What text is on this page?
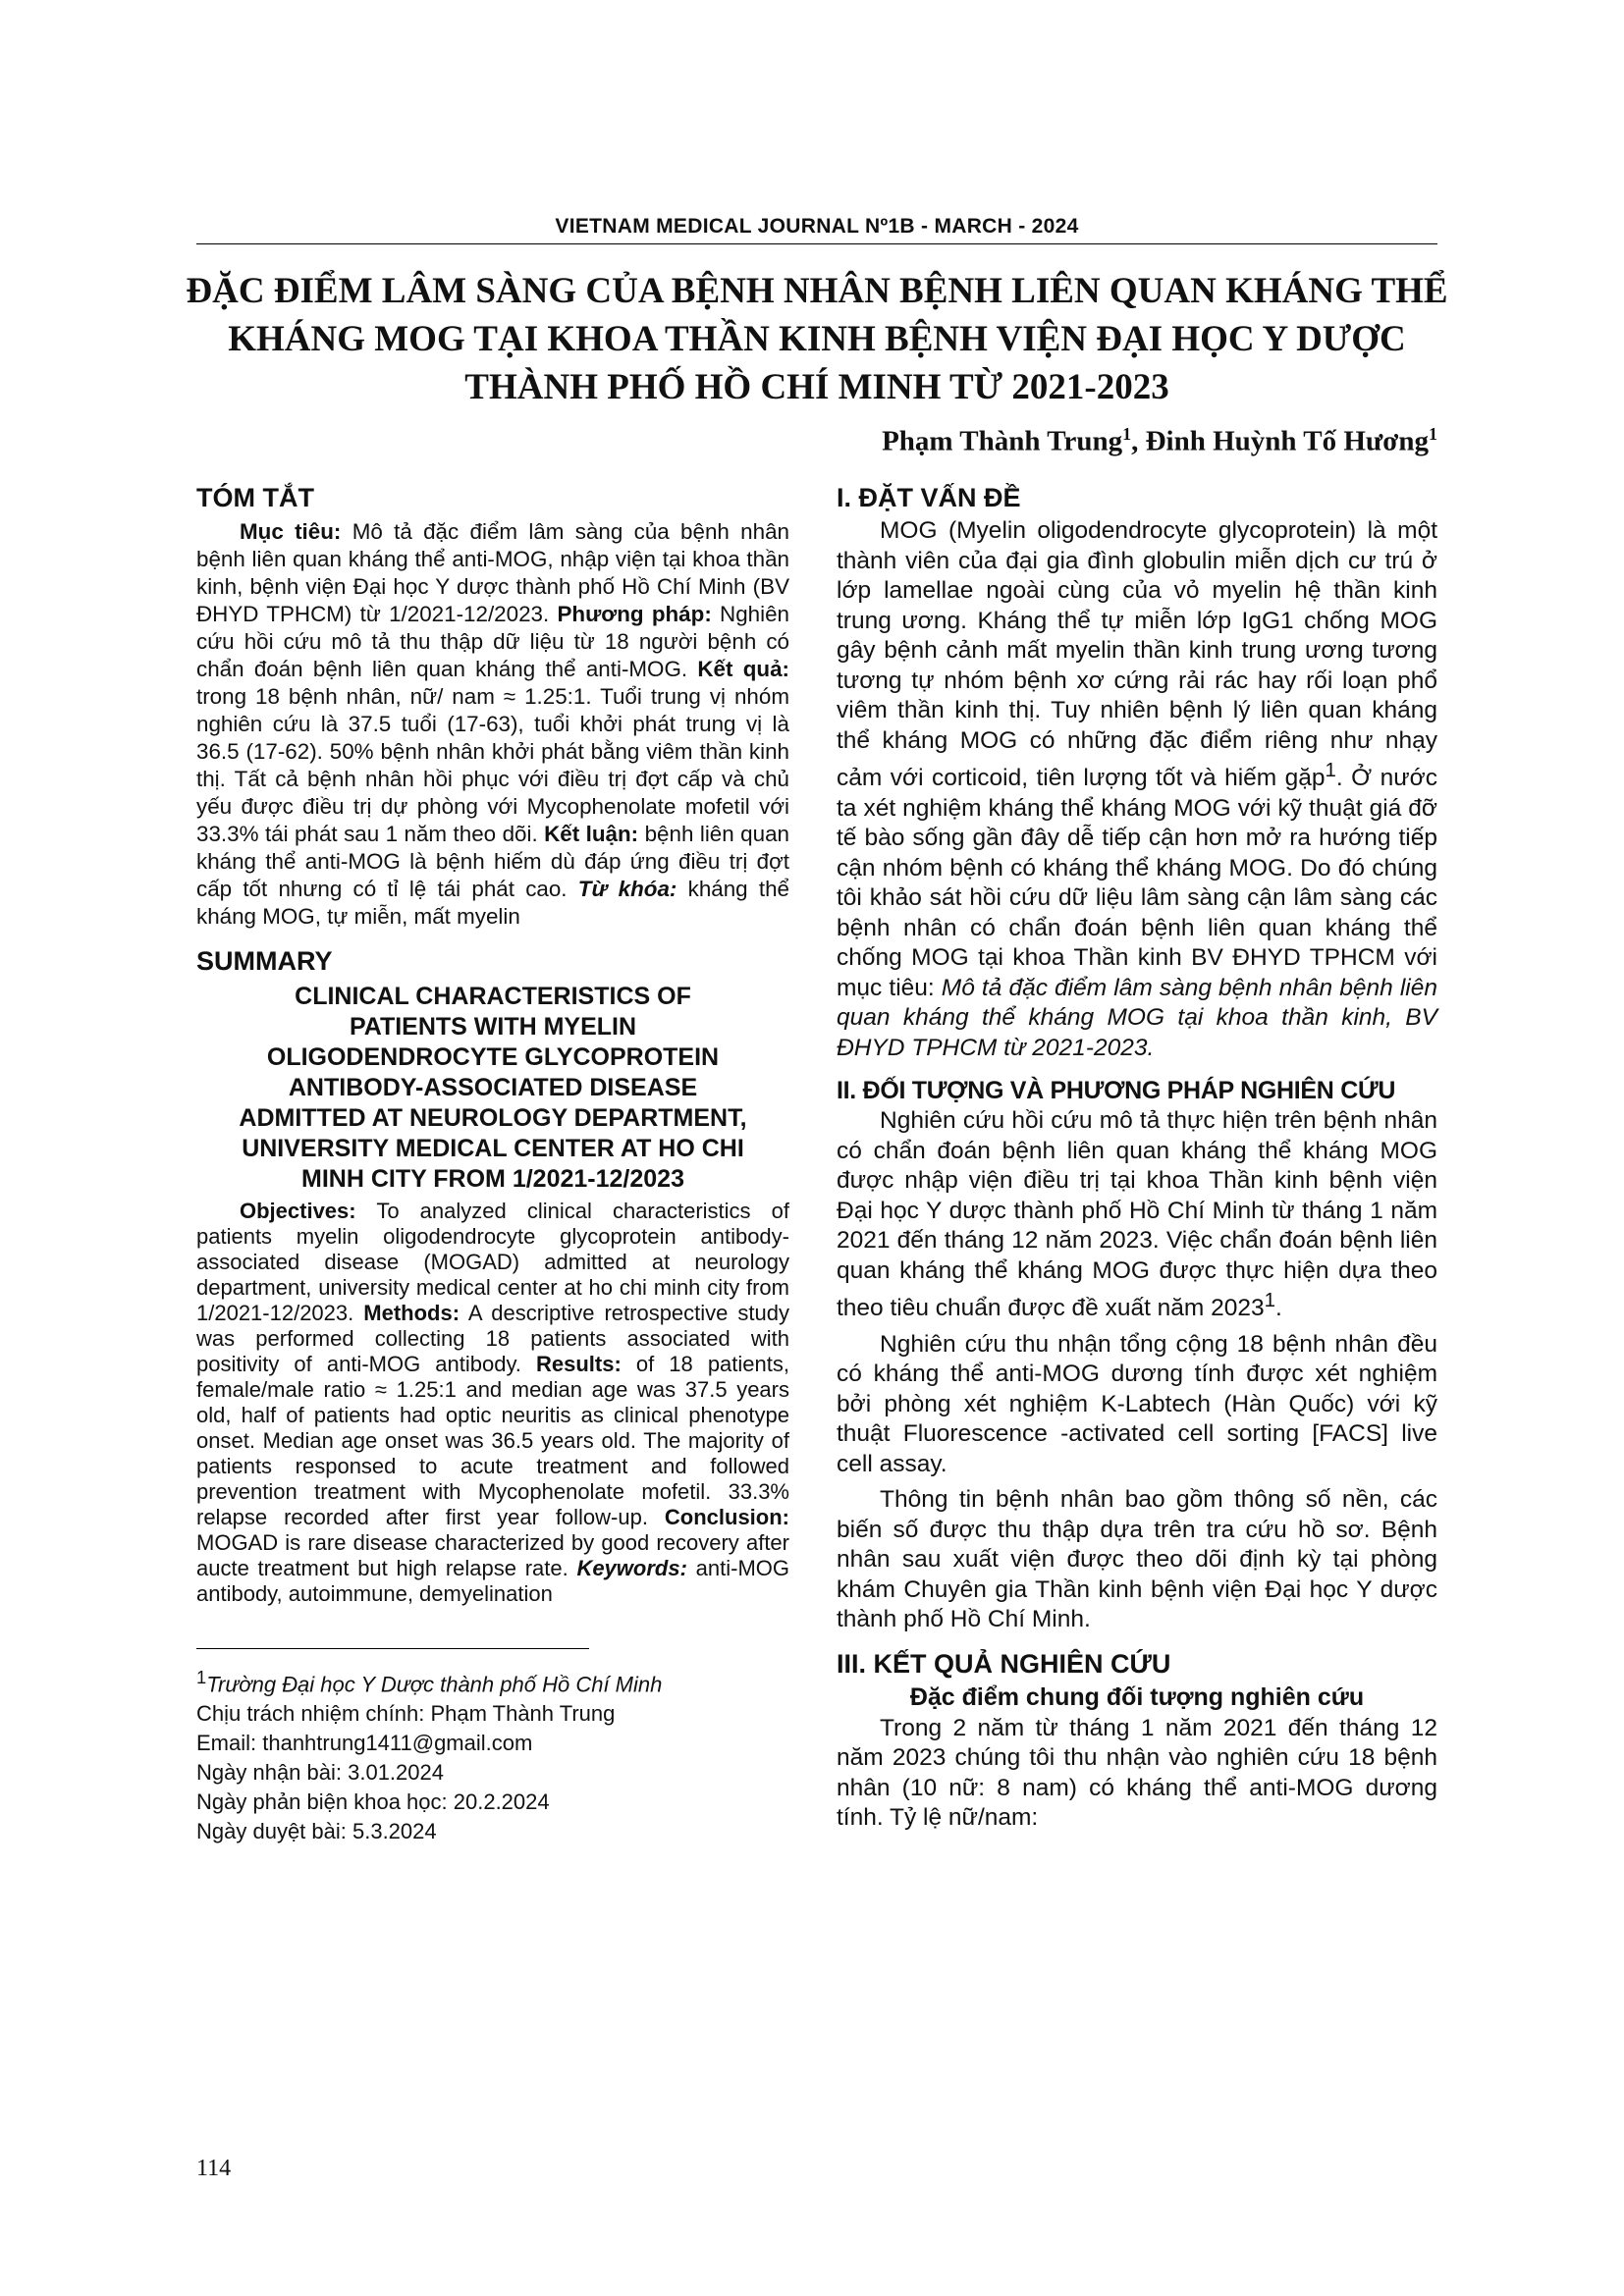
VIETNAM MEDICAL JOURNAL Nº1B - MARCH - 2024
ĐẶC ĐIỂM LÂM SÀNG CỦA BỆNH NHÂN BỆNH LIÊN QUAN KHÁNG THỂ
KHÁNG MOG TẠI KHOA THẦN KINH BỆNH VIỆN ĐẠI HỌC Y DƯỢC
THÀNH PHỐ HỒ CHÍ MINH TỪ 2021-2023
Phạm Thành Trung$^1$, Đinh Huỳnh Tố Hương$^1$
TÓM TẮT

Mục tiêu: Mô tả đặc điểm lâm sàng của bệnh nhân bệnh liên quan kháng thể anti-MOG, nhập viện tại khoa thần kinh, bệnh viện Đại học Y dược thành phố Hồ Chí Minh (BV ĐHYD TPHCM) từ 1/2021-12/2023. Phương pháp: Nghiên cứu hồi cứu mô tả thu thập dữ liệu từ 18 người bệnh có chẩn đoán bệnh liên quan kháng thể anti-MOG. Kết quả: trong 18 bệnh nhân, nữ/ nam ≈ 1.25:1. Tuổi trung vị nhóm nghiên cứu là 37.5 tuổi (17-63), tuổi khởi phát trung vị là 36.5 (17-62). 50% bệnh nhân khởi phát bằng viêm thần kinh thị. Tất cả bệnh nhân hồi phục với điều trị đợt cấp và chủ yếu được điều trị dự phòng với Mycophenolate mofetil với 33.3% tái phát sau 1 năm theo dõi. Kết luận: bệnh liên quan kháng thể anti-MOG là bệnh hiếm dù đáp ứng điều trị đợt cấp tốt nhưng có tỉ lệ tái phát cao. Từ khóa: kháng thể kháng MOG, tự miễn, mất myelin

SUMMARY
CLINICAL CHARACTERISTICS OF
PATIENTS WITH MYELIN
OLIGODENDROCYTE GLYCOPROTEIN
ANTIBODY-ASSOCIATED DISEASE
ADMITTED AT NEUROLOGY DEPARTMENT,
UNIVERSITY MEDICAL CENTER AT HO CHI
MINH CITY FROM 1/2021-12/2023

Objectives: To analyzed clinical characteristics of patients myelin oligodendrocyte glycoprotein antibody-associated disease (MOGAD) admitted at neurology department, university medical center at ho chi minh city from 1/2021-12/2023. Methods: A descriptive retrospective study was performed collecting 18 patients associated with positivity of anti-MOG antibody. Results: of 18 patients, female/male ratio ≈ 1.25:1 and median age was 37.5 years old, half of patients had optic neuritis as clinical phenotype onset. Median age onset was 36.5 years old. The majority of patients responsed to acute treatment and followed prevention treatment with Mycophenolate mofetil. 33.3% relapse recorded after first year follow-up. Conclusion: MOGAD is rare disease characterized by good recovery after aucte treatment but high relapse rate. Keywords: anti-MOG antibody, autoimmune, demyelination

$^1$Trường Đại học Y Dược thành phố Hồ Chí Minh
Chịu trách nhiệm chính: Phạm Thành Trung
Email: thanhtrung1411@gmail.com
Ngày nhận bài: 3.01.2024
Ngày phản biện khoa học: 20.2.2024
Ngày duyệt bài: 5.3.2024
I. ĐẶT VẤN ĐỀ

MOG (Myelin oligodendrocyte glycoprotein) là một thành viên của đại gia đình globulin miễn dịch cư trú ở lớp lamellae ngoài cùng của vỏ myelin hệ thần kinh trung ương. Kháng thể tự miễn lớp IgG1 chống MOG gây bệnh cảnh mất myelin thần kinh trung ương tương tương tự nhóm bệnh xơ cứng rải rác hay rối loạn phổ viêm thần kinh thị. Tuy nhiên bệnh lý liên quan kháng thể kháng MOG có những đặc điểm riêng như nhạy cảm với corticoid, tiên lượng tốt và hiếm gặp$^1$. Ở nước ta xét nghiệm kháng thể kháng MOG với kỹ thuật giá đỡ tế bào sống gần đây dễ tiếp cận hơn mở ra hướng tiếp cận nhóm bệnh có kháng thể kháng MOG. Do đó chúng tôi khảo sát hồi cứu dữ liệu lâm sàng cận lâm sàng các bệnh nhân có chẩn đoán bệnh liên quan kháng thể chống MOG tại khoa Thần kinh BV ĐHYD TPHCM với mục tiêu: Mô tả đặc điểm lâm sàng bệnh nhân bệnh liên quan kháng thể kháng MOG tại khoa thần kinh, BV ĐHYD TPHCM từ 2021-2023.

II. ĐỐI TƯỢNG VÀ PHƯƠNG PHÁP NGHIÊN CỨU

Nghiên cứu hồi cứu mô tả thực hiện trên bệnh nhân có chẩn đoán bệnh liên quan kháng thể kháng MOG được nhập viện điều trị tại khoa Thần kinh bệnh viện Đại học Y dược thành phố Hồ Chí Minh từ tháng 1 năm 2021 đến tháng 12 năm 2023. Việc chẩn đoán bệnh liên quan kháng thể kháng MOG được thực hiện dựa theo theo tiêu chuẩn được đề xuất năm 2023$^1$.

Nghiên cứu thu nhận tổng cộng 18 bệnh nhân đều có kháng thể anti-MOG dương tính được xét nghiệm bởi phòng xét nghiệm K-Labtech (Hàn Quốc) với kỹ thuật Fluorescence -activated cell sorting [FACS] live cell assay.

Thông tin bệnh nhân bao gồm thông số nền, các biến số được thu thập dựa trên tra cứu hồ sơ. Bệnh nhân sau xuất viện được theo dõi định kỳ tại phòng khám Chuyên gia Thần kinh bệnh viện Đại học Y dược thành phố Hồ Chí Minh.

III. KẾT QUẢ NGHIÊN CỨU
Đặc điểm chung đối tượng nghiên cứu

Trong 2 năm từ tháng 1 năm 2021 đến tháng 12 năm 2023 chúng tôi thu nhận vào nghiên cứu 18 bệnh nhân (10 nữ: 8 nam) có kháng thể anti-MOG dương tính. Tỷ lệ nữ/nam:

114
